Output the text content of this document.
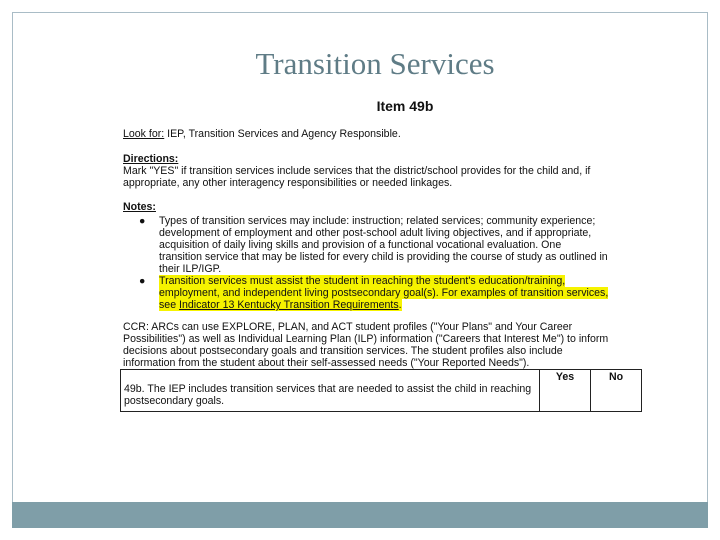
Transition Services
Item 49b
Look for: IEP, Transition Services and Agency Responsible.
Directions:
Mark "YES" if transition services include services that the district/school provides for the child and, if
appropriate, any other interagency responsibilities or needed linkages.
Notes:
● Types of transition services may include: instruction; related services; community experience;
development of employment and other post-school adult living objectives, and if appropriate,
acquisition of daily living skills and provision of a functional vocational evaluation. One
transition service that may be listed for every child is providing the course of study as outlined in
their ILP/IGP.
● Transition services must assist the student in reaching the student's education/training,
employment, and independent living postsecondary goal(s). For examples of transition services,
see Indicator 13 Kentucky Transition Requirements.
CCR: ARCs can use EXPLORE, PLAN, and ACT student profiles ("Your Plans" and Your Career
Possibilities") as well as Individual Learning Plan (ILP) information ("Careers that Interest Me") to inform
decisions about postsecondary goals and transition services. The student profiles also include
information from the student about their self-assessed needs ("Your Reported Needs").
49b. The IEP includes transition services that are needed to assist the child in reaching postsecondary goals.	Yes	No
